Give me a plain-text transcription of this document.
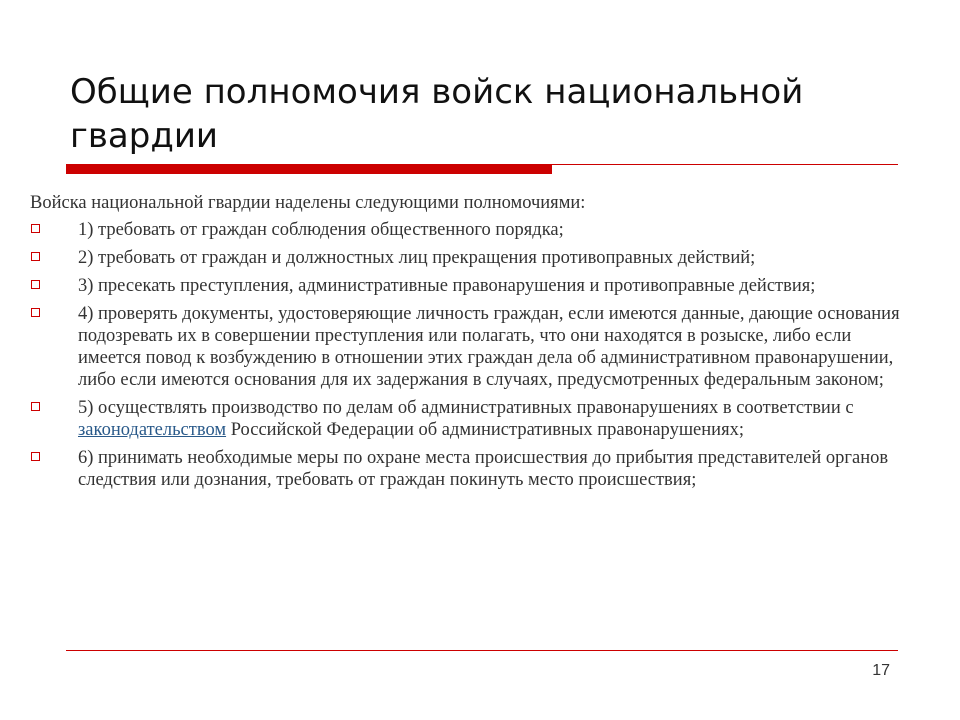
Общие полномочия войск национальной гвардии

Войска национальной гвардии наделены следующими полномочиями:

1) требовать от граждан соблюдения общественного порядка;
2) требовать от граждан и должностных лиц прекращения противоправных действий;
3) пресекать преступления, административные правонарушения и противоправные действия;
4) проверять документы, удостоверяющие личность граждан, если имеются данные, дающие основания подозревать их в совершении преступления или полагать, что они находятся в розыске, либо если имеется повод к возбуждению в отношении этих граждан дела об административном правонарушении, либо если имеются основания для их задержания в случаях, предусмотренных федеральным законом;
5) осуществлять производство по делам об административных правонарушениях в соответствии с законодательством Российской Федерации об административных правонарушениях;
6) принимать необходимые меры по охране места происшествия до прибытия представителей органов следствия или дознания, требовать от граждан покинуть место происшествия;
17
